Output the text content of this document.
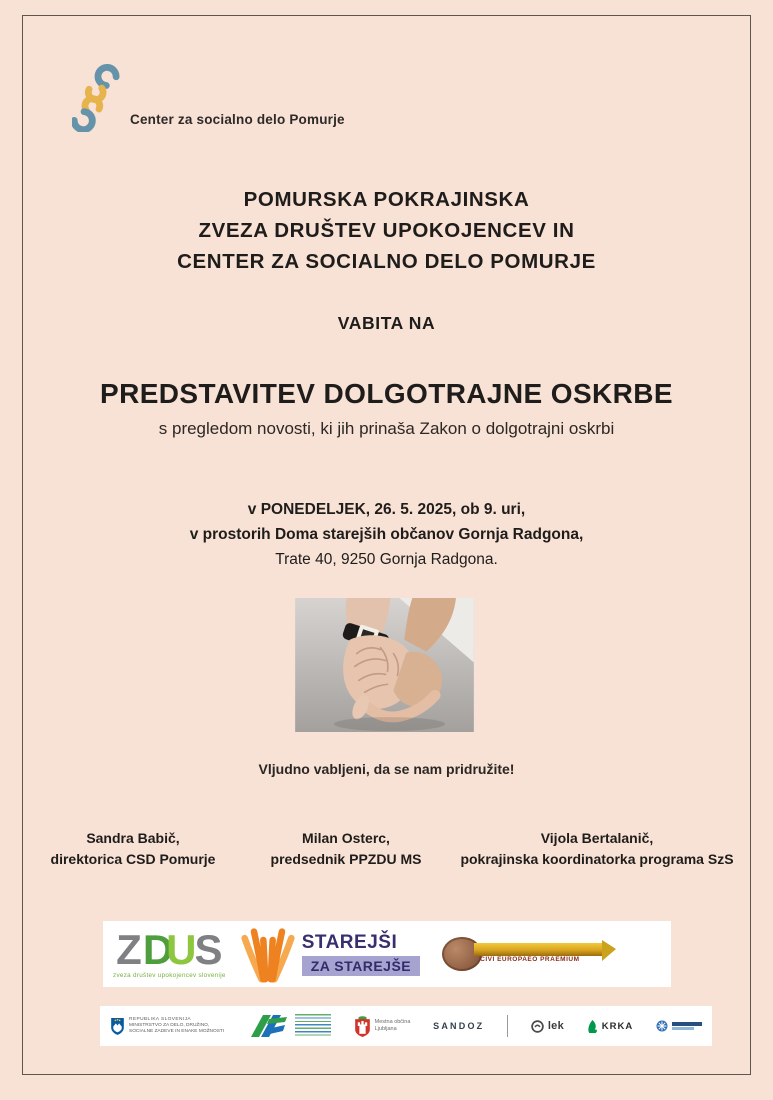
Center za socialno delo Pomurje
POMURSKA POKRAJINSKA
ZVEZA DRUŠTEV UPOKOJENCEV IN
CENTER ZA SOCIALNO DELO POMURJE
VABITA NA
PREDSTAVITEV DOLGOTRAJNE OSKRBE
s pregledom novosti, ki jih prinaša Zakon o dolgotrajni oskrbi
v PONEDELJEK, 26. 5. 2025, ob 9. uri,
v prostorih Doma starejših občanov Gornja Radgona,
Trate 40, 9250 Gornja Radgona.
Vljudno vabljeni, da se nam pridružite!
Sandra Babič,
direktorica CSD Pomurje
Milan Osterc,
predsednik PPZDU MS
Vijola Bertalanič,
pokrajinska koordinatorka programa SzS
Z D
U
S
zveza društev upokojencev slovenije
STAREJŠI
ZA STAREJŠE	CIVI EUROPAEO PRAEMIUM
REPUBLIKA SLOVENIJA
MINISTRSTVO ZA DELO, DRUŽINO,
SOCIALNE ZADEVE IN ENAKE MOŽNOSTI
Mestna občina
Ljubljana	SANDOZ	lek	KRKA
